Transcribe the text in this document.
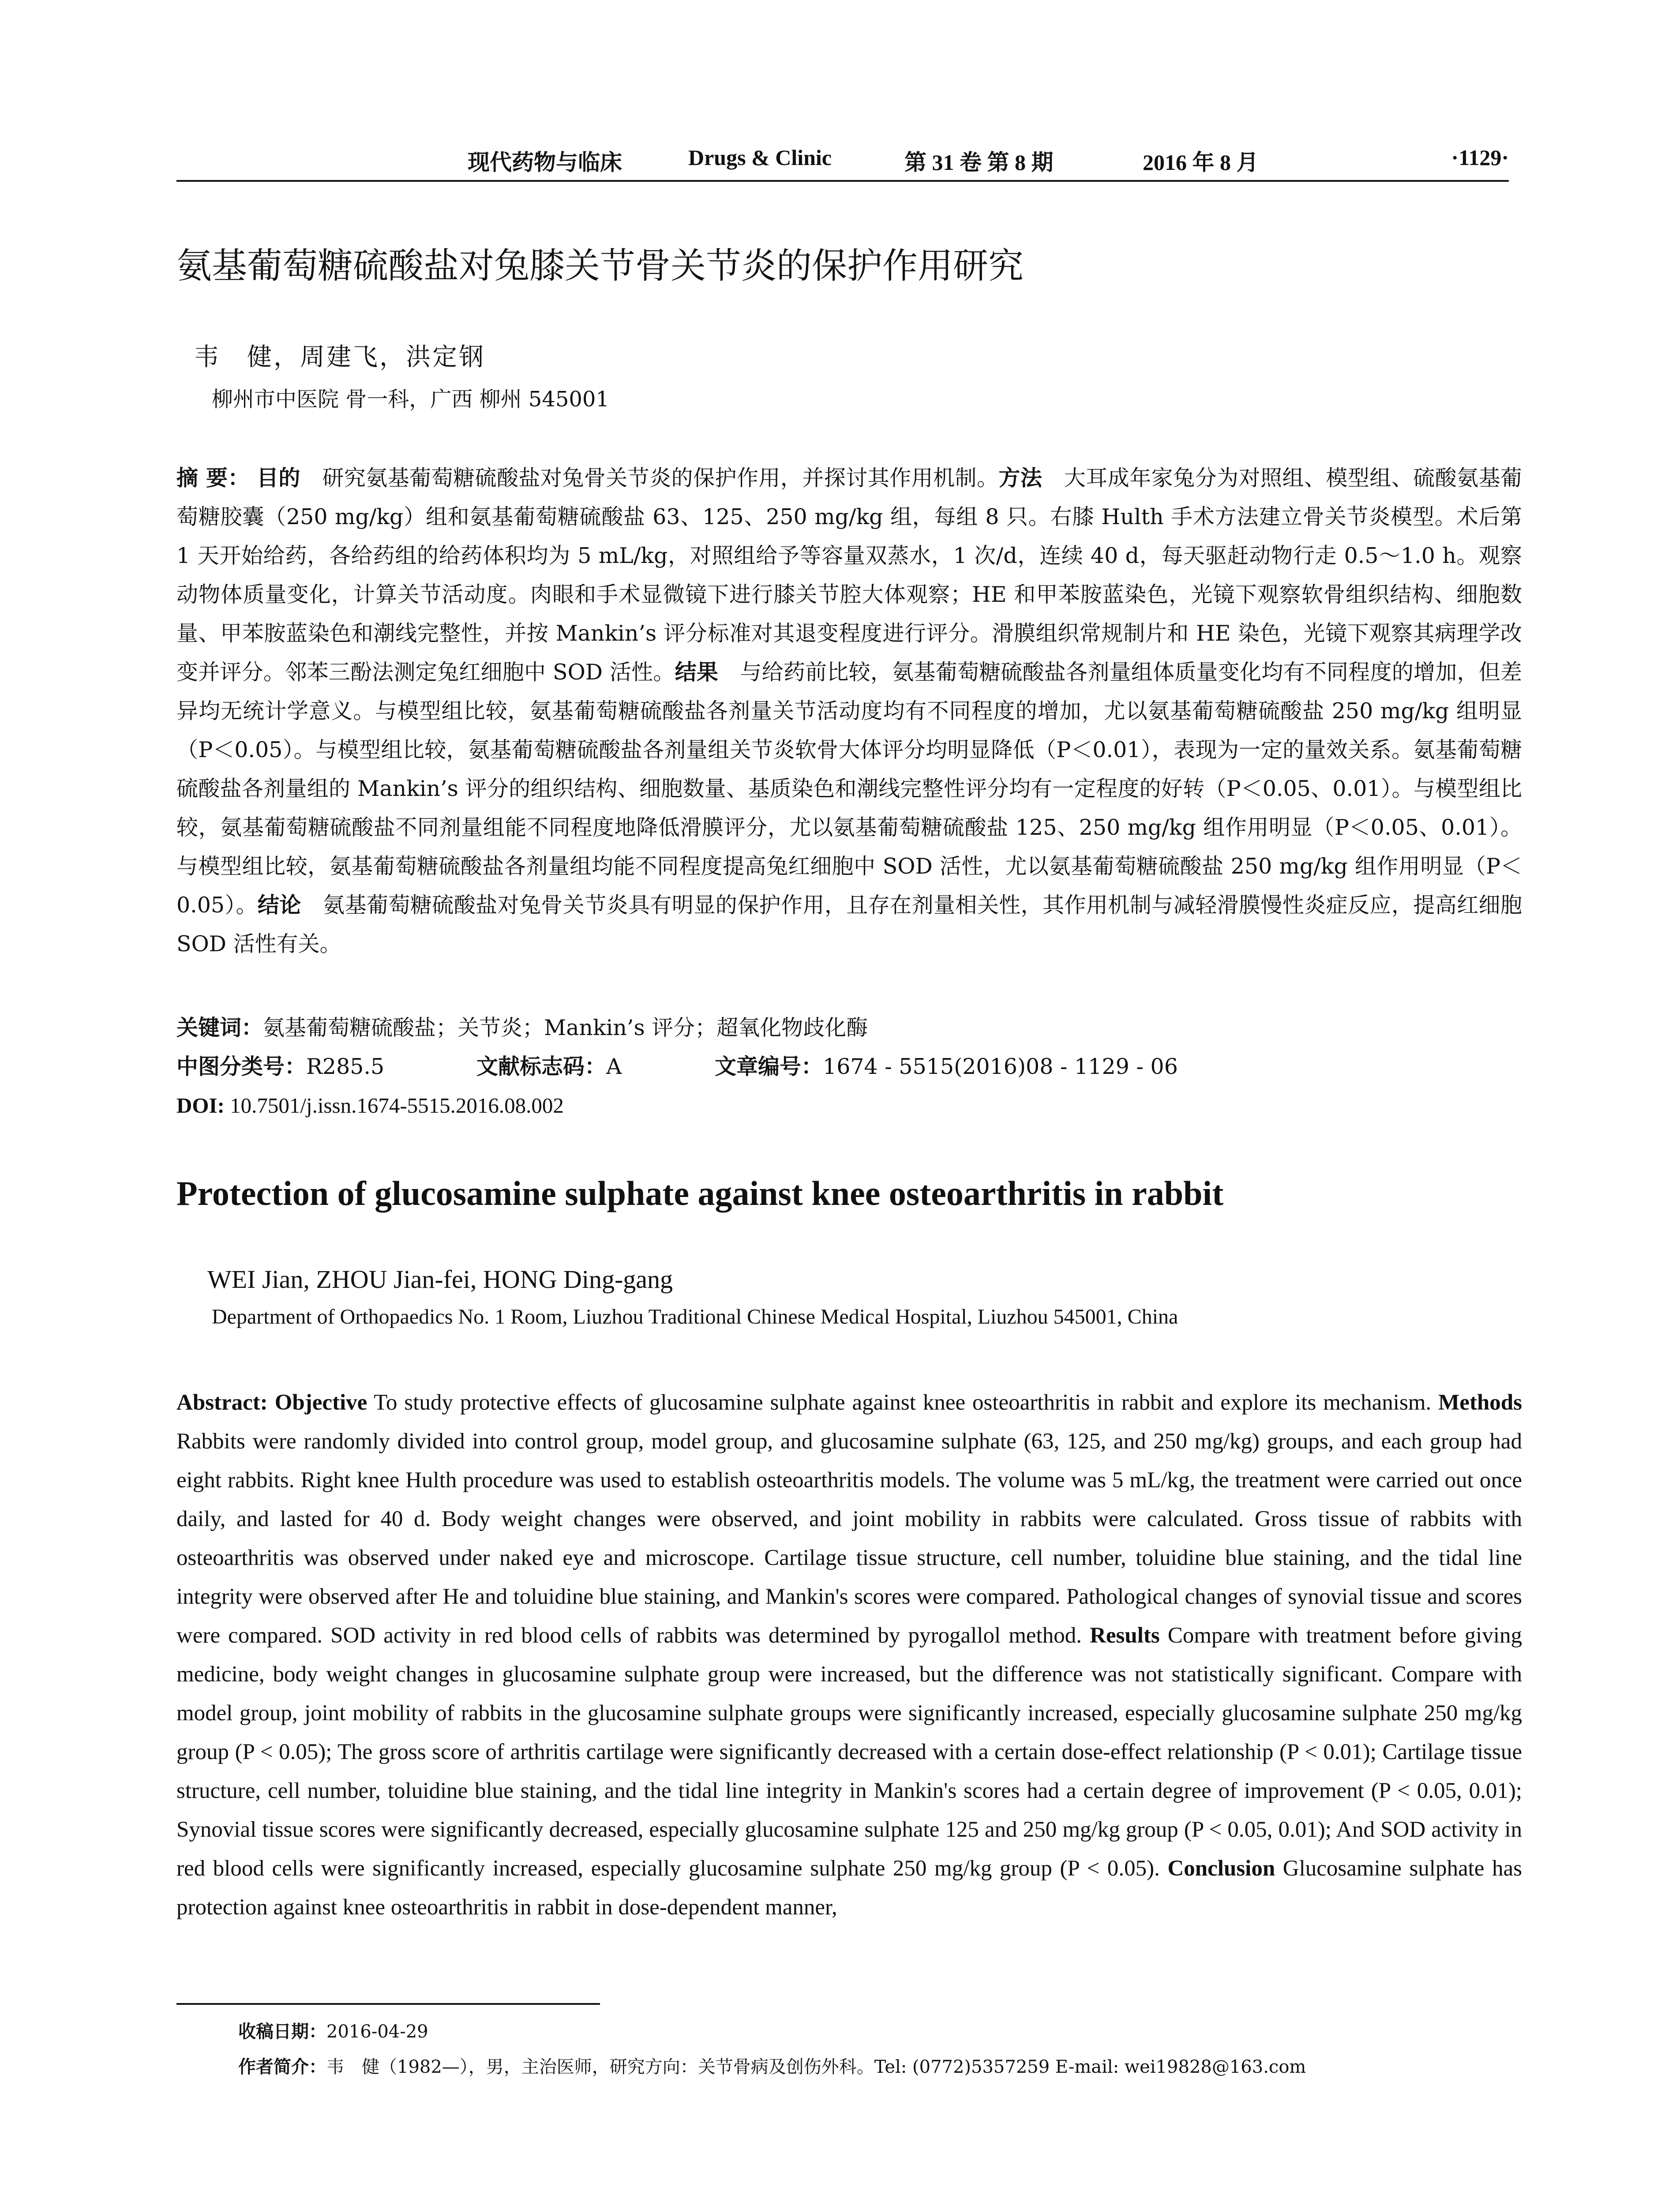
现代药物与临床	Drugs & Clinic	第 31 卷 第 8 期	2016 年 8 月	·1129·
氨基葡萄糖硫酸盐对兔膝关节骨关节炎的保护作用研究
韦　健，周建飞，洪定钢
柳州市中医院 骨一科，广西 柳州 545001
摘 要： 目的　研究氨基葡萄糖硫酸盐对兔骨关节炎的保护作用，并探讨其作用机制。方法　大耳成年家兔分为对照组、模型组、硫酸氨基葡萄糖胶囊（250 mg/kg）组和氨基葡萄糖硫酸盐 63、125、250 mg/kg 组，每组 8 只。右膝 Hulth 手术方法建立骨关节炎模型。术后第 1 天开始给药，各给药组的给药体积均为 5 mL/kg，对照组给予等容量双蒸水，1 次/d，连续 40 d，每天驱赶动物行走 0.5～1.0 h。观察动物体质量变化，计算关节活动度。肉眼和手术显微镜下进行膝关节腔大体观察；HE 和甲苯胺蓝染色，光镜下观察软骨组织结构、细胞数量、甲苯胺蓝染色和潮线完整性，并按 Mankin’s 评分标准对其退变程度进行评分。滑膜组织常规制片和 HE 染色，光镜下观察其病理学改变并评分。邻苯三酚法测定兔红细胞中 SOD 活性。结果　与给药前比较，氨基葡萄糖硫酸盐各剂量组体质量变化均有不同程度的增加，但差异均无统计学意义。与模型组比较，氨基葡萄糖硫酸盐各剂量关节活动度均有不同程度的增加，尤以氨基葡萄糖硫酸盐 250 mg/kg 组明显（P＜0.05）。与模型组比较，氨基葡萄糖硫酸盐各剂量组关节炎软骨大体评分均明显降低（P＜0.01），表现为一定的量效关系。氨基葡萄糖硫酸盐各剂量组的 Mankin’s 评分的组织结构、细胞数量、基质染色和潮线完整性评分均有一定程度的好转（P＜0.05、0.01）。与模型组比较，氨基葡萄糖硫酸盐不同剂量组能不同程度地降低滑膜评分，尤以氨基葡萄糖硫酸盐 125、250 mg/kg 组作用明显（P＜0.05、0.01）。与模型组比较，氨基葡萄糖硫酸盐各剂量组均能不同程度提高兔红细胞中 SOD 活性，尤以氨基葡萄糖硫酸盐 250 mg/kg 组作用明显（P＜0.05）。结论　氨基葡萄糖硫酸盐对兔骨关节炎具有明显的保护作用，且存在剂量相关性，其作用机制与减轻滑膜慢性炎症反应，提高红细胞 SOD 活性有关。
关键词：氨基葡萄糖硫酸盐；关节炎；Mankin’s 评分；超氧化物歧化酶
中图分类号：R285.5	文献标志码：A	文章编号：1674 - 5515(2016)08 - 1129 - 06
DOI: 10.7501/j.issn.1674-5515.2016.08.002
Protection of glucosamine sulphate against knee osteoarthritis in rabbit
WEI Jian, ZHOU Jian-fei, HONG Ding-gang
Department of Orthopaedics No. 1 Room, Liuzhou Traditional Chinese Medical Hospital, Liuzhou 545001, China
Abstract: Objective To study protective effects of glucosamine sulphate against knee osteoarthritis in rabbit and explore its mechanism. Methods Rabbits were randomly divided into control group, model group, and glucosamine sulphate (63, 125, and 250 mg/kg) groups, and each group had eight rabbits. Right knee Hulth procedure was used to establish osteoarthritis models. The volume was 5 mL/kg, the treatment were carried out once daily, and lasted for 40 d. Body weight changes were observed, and joint mobility in rabbits were calculated. Gross tissue of rabbits with osteoarthritis was observed under naked eye and microscope. Cartilage tissue structure, cell number, toluidine blue staining, and the tidal line integrity were observed after He and toluidine blue staining, and Mankin's scores were compared. Pathological changes of synovial tissue and scores were compared. SOD activity in red blood cells of rabbits was determined by pyrogallol method. Results Compare with treatment before giving medicine, body weight changes in glucosamine sulphate group were increased, but the difference was not statistically significant. Compare with model group, joint mobility of rabbits in the glucosamine sulphate groups were significantly increased, especially glucosamine sulphate 250 mg/kg group (P < 0.05); The gross score of arthritis cartilage were significantly decreased with a certain dose-effect relationship (P < 0.01); Cartilage tissue structure, cell number, toluidine blue staining, and the tidal line integrity in Mankin's scores had a certain degree of improvement (P < 0.05, 0.01); Synovial tissue scores were significantly decreased, especially glucosamine sulphate 125 and 250 mg/kg group (P < 0.05, 0.01); And SOD activity in red blood cells were significantly increased, especially glucosamine sulphate 250 mg/kg group (P < 0.05). Conclusion Glucosamine sulphate has protection against knee osteoarthritis in rabbit in dose-dependent manner,
收稿日期：2016-04-29
作者简介：韦　健（1982—），男，主治医师，研究方向：关节骨病及创伤外科。Tel: (0772)5357259 E-mail: wei19828@163.com
